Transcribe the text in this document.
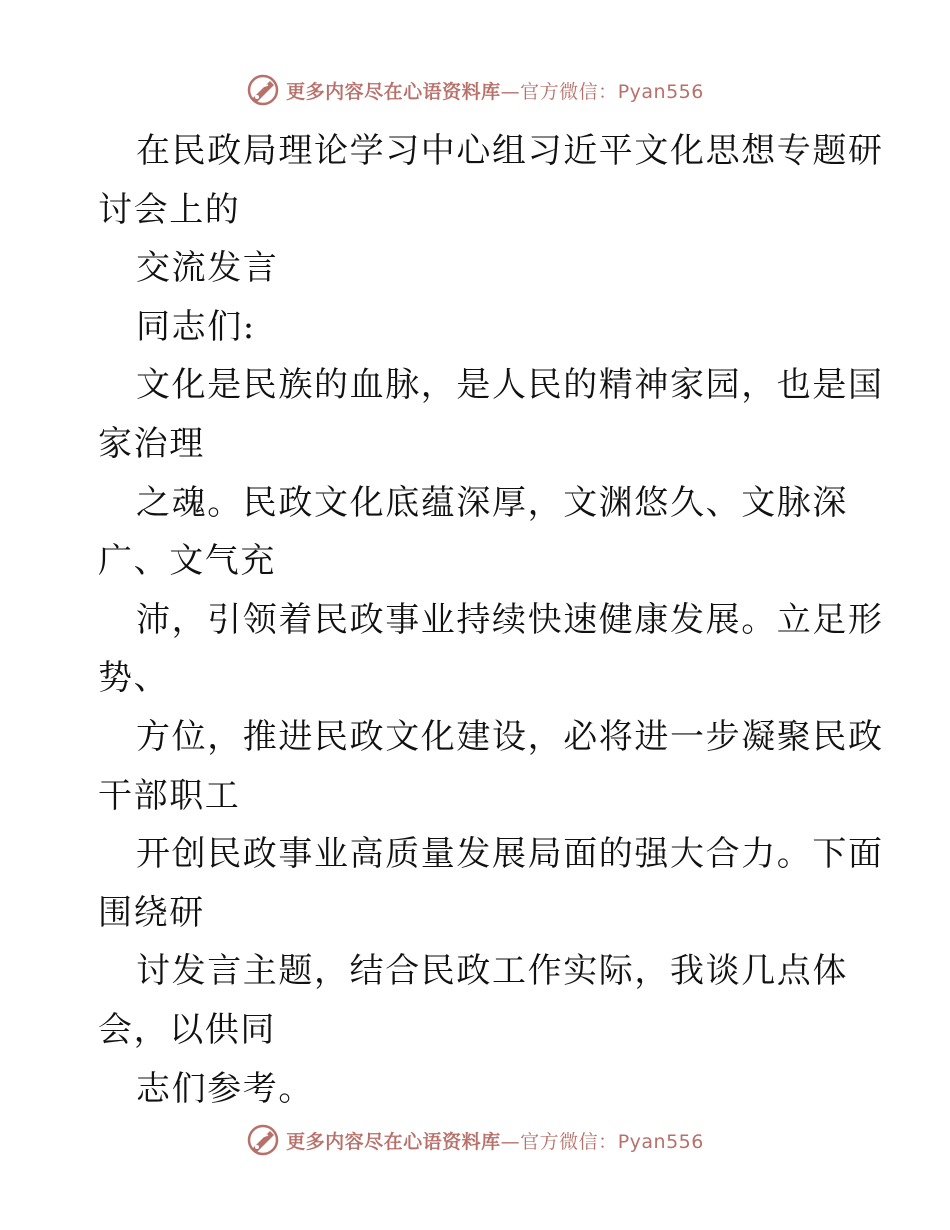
更多内容尽在心语资料库—官方微信：Pyan556
在民政局理论学习中心组习近平文化思想专题研
讨会上的
交流发言
同志们:
文化是民族的血脉，是人民的精神家园，也是国
家治理
之魂。民政文化底蕴深厚，文渊悠久、文脉深
广、文气充
沛，引领着民政事业持续快速健康发展。立足形
势、
方位，推进民政文化建设，必将进一步凝聚民政
干部职工
开创民政事业高质量发展局面的强大合力。下面
围绕研
讨发言主题，结合民政工作实际，我谈几点体
会，以供同
志们参考。
更多内容尽在心语资料库—官方微信：Pyan556
